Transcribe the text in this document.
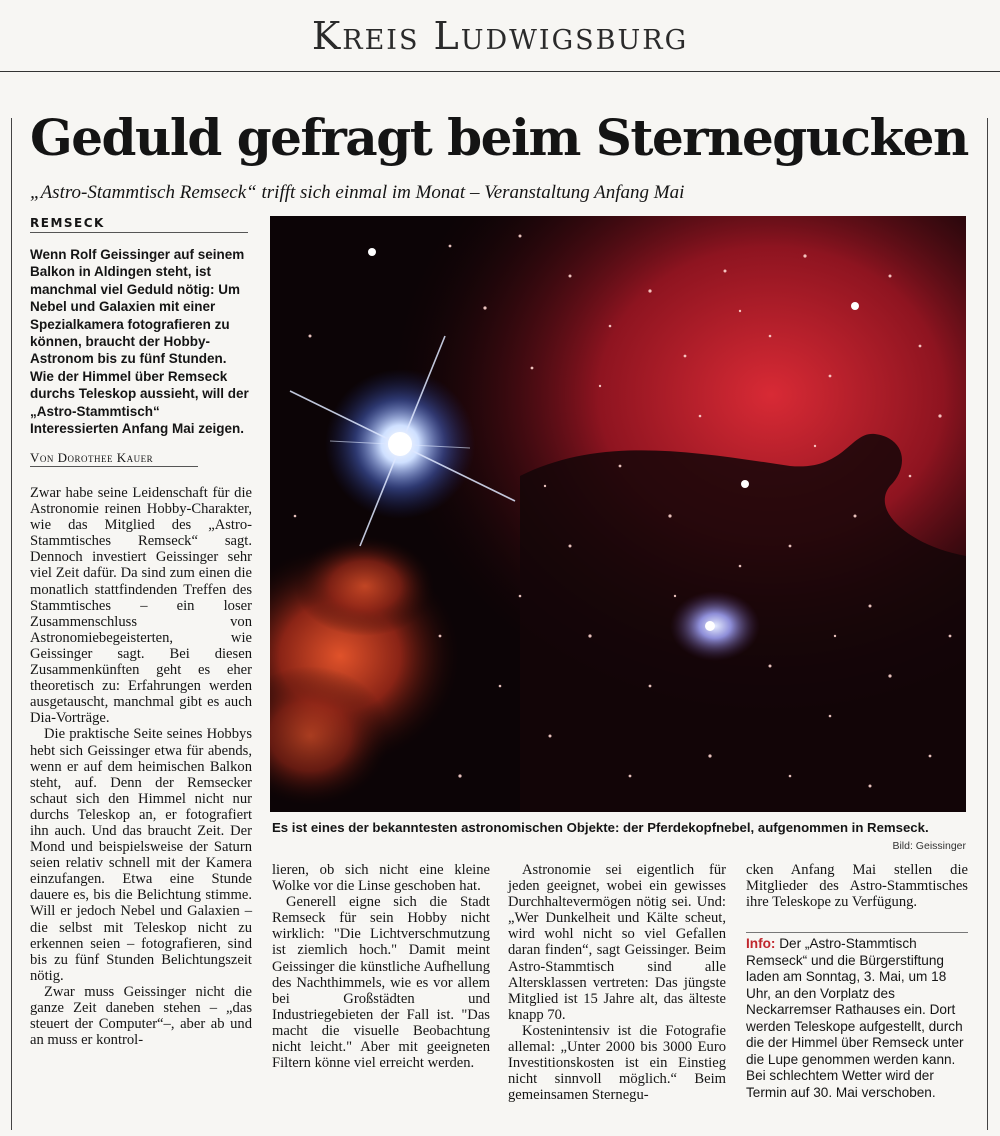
Kreis Ludwigsburg
Geduld gefragt beim Sternegucken
„Astro-Stammtisch Remseck“ trifft sich einmal im Monat – Veranstaltung Anfang Mai
REMSECK
Wenn Rolf Geissinger auf seinem Balkon in Aldingen steht, ist manchmal viel Geduld nötig: Um Nebel und Galaxien mit einer Spezialkamera fotografieren zu können, braucht der Hobby-Astronom bis zu fünf Stunden. Wie der Himmel über Remseck durchs Teleskop aussieht, will der „Astro-Stammtisch“ Interessierten Anfang Mai zeigen.
Von Dorothee Kauer

Zwar habe seine Leidenschaft für die Astronomie reinen Hobby-Charakter, wie das Mitglied des „Astro-Stammtisches Remseck“ sagt. Dennoch investiert Geissinger sehr viel Zeit dafür. Da sind zum einen die monatlich stattfindenden Treffen des Stammtisches – ein loser Zusammenschluss von Astronomiebegeisterten, wie Geissinger sagt. Bei diesen Zusammenkünften geht es eher theoretisch zu: Erfahrungen werden ausgetauscht, manchmal gibt es auch Dia-Vorträge.

Die praktische Seite seines Hobbys hebt sich Geissinger etwa für abends, wenn er auf dem heimischen Balkon steht, auf. Denn der Remsecker schaut sich den Himmel nicht nur durchs Teleskop an, er fotografiert ihn auch. Und das braucht Zeit. Der Mond und beispielsweise der Saturn seien relativ schnell mit der Kamera einzufangen. Etwa eine Stunde dauere es, bis die Belichtung stimme. Will er jedoch Nebel und Galaxien – die selbst mit Teleskop nicht zu erkennen seien – fotografieren, sind bis zu fünf Stunden Belichtungszeit nötig.

Zwar muss Geissinger nicht die ganze Zeit daneben stehen – „das steuert der Computer“–, aber ab und an muss er kontrol-

Es ist eines der bekanntesten astronomischen Objekte: der Pferdekopfnebel, aufgenommen in Remseck.
Bild: Geissinger

lieren, ob sich nicht eine kleine Wolke vor die Linse geschoben hat.

Generell eigne sich die Stadt Remseck für sein Hobby nicht wirklich: "Die Lichtverschmutzung ist ziemlich hoch." Damit meint Geissinger die künstliche Aufhellung des Nachthimmels, wie es vor allem bei Großstädten und Industriegebieten der Fall ist. "Das macht die visuelle Beobachtung nicht leicht." Aber mit geeigneten Filtern könne viel erreicht werden.

Astronomie sei eigentlich für jeden geeignet, wobei ein gewisses Durchhaltevermögen nötig sei. Und: „Wer Dunkelheit und Kälte scheut, wird wohl nicht so viel Gefallen daran finden“, sagt Geissinger. Beim Astro-Stammtisch sind alle Altersklassen vertreten: Das jüngste Mitglied ist 15 Jahre alt, das älteste knapp 70.

Kostenintensiv ist die Fotografie allemal: „Unter 2000 bis 3000 Euro Investitionskosten ist ein Einstieg nicht sinnvoll möglich.“ Beim gemeinsamen Sternegu-

cken Anfang Mai stellen die Mitglieder des Astro-Stammtisches ihre Teleskope zu Verfügung.

Info: Der „Astro-Stammtisch Remseck“ und die Bürgerstiftung laden am Sonntag, 3. Mai, um 18 Uhr, an den Vorplatz des Neckarremser Rathauses ein. Dort werden Teleskope aufgestellt, durch die der Himmel über Remseck unter die Lupe genommen werden kann. Bei schlechtem Wetter wird der Termin auf 30. Mai verschoben.
